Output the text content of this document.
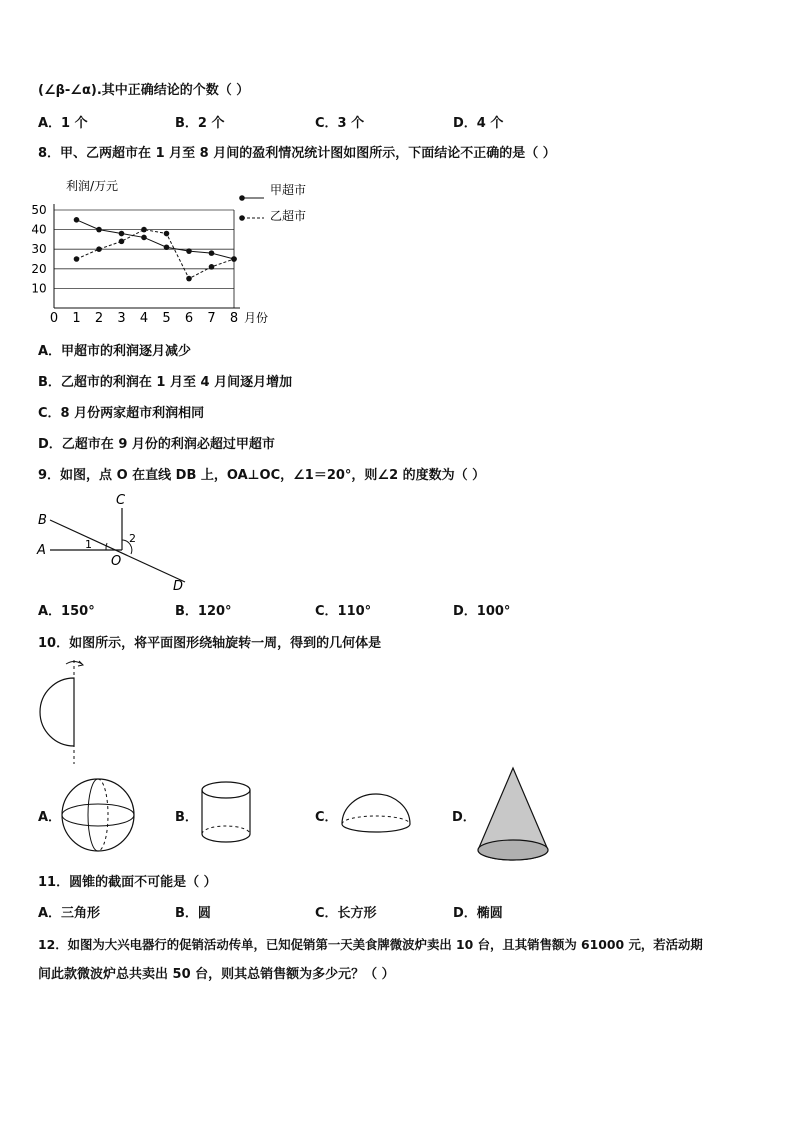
(∠β-∠α).其中正确结论的个数（ ）
A．1 个	B．2 个	C．3 个	D．4 个
8．甲、乙两超市在 1 月至 8 月间的盈利情况统计图如图所示，下面结论不正确的是（ ）
10
20
30
40
50
0 1 2 3 4 5 6 7 8
利润/万元
月份
甲超市
乙超市
A．甲超市的利润逐月减少
B．乙超市的利润在 1 月至 4 月间逐月增加
C．8 月份两家超市利润相同
D．乙超市在 9 月份的利润必超过甲超市
9．如图，点 O 在直线 DB 上，OA⊥OC，∠1＝20°，则∠2 的度数为（ ）
B
C
A
O
D
1	2
A．150°	B．120°	C．110°	D．100°
10．如图所示，将平面图形绕轴旋转一周，得到的几何体是
A．	B．	C．	D．
11．圆锥的截面不可能是（ ）
A．三角形	B．圆	C．长方形	D．椭圆
12．如图为大兴电器行的促销活动传单，已知促销第一天美食牌微波炉卖出 10 台，且其销售额为 61000 元，若活动期
间此款微波炉总共卖出 50 台，则其总销售额为多少元？（ ）
